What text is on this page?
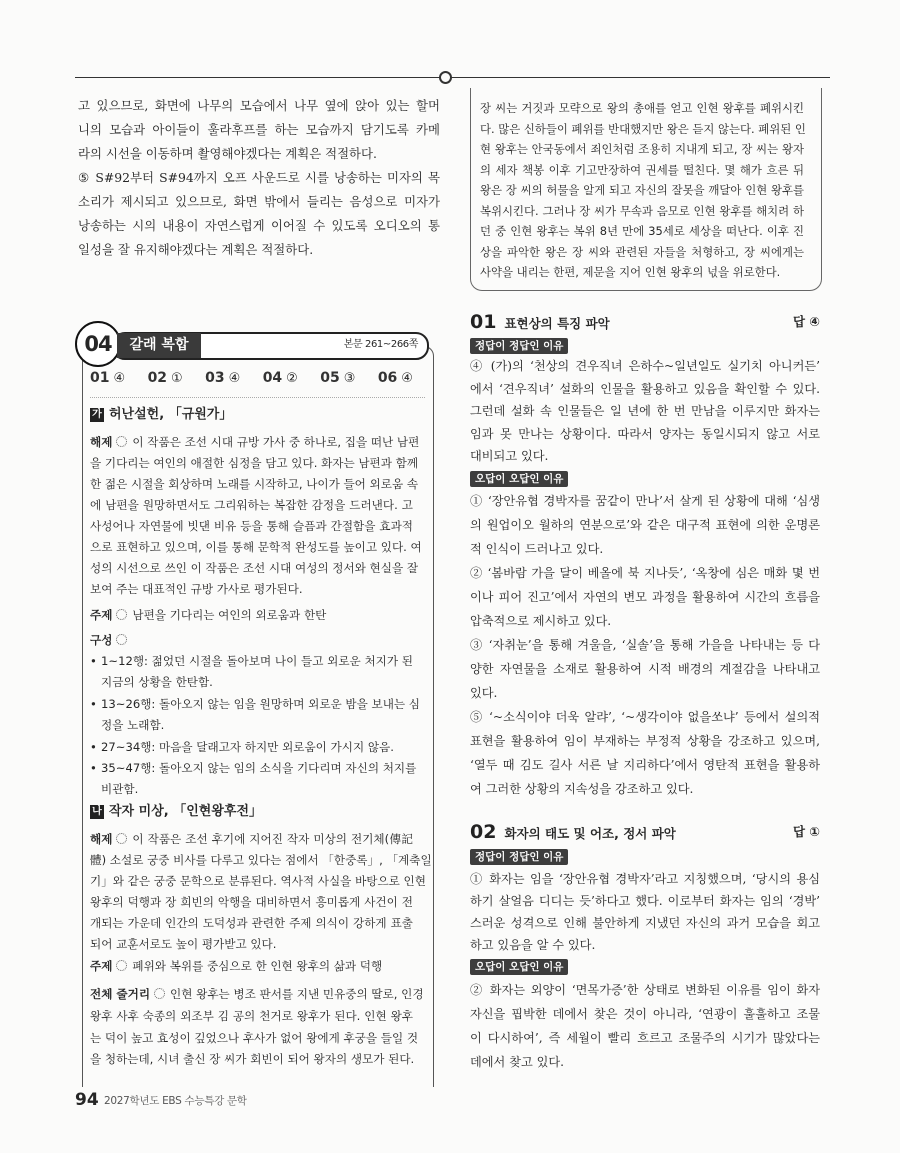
고 있으므로, 화면에 나무의 모습에서 나무 옆에 앉아 있는 할머
니의 모습과 아이들이 훌라후프를 하는 모습까지 담기도록 카메
라의 시선을 이동하며 촬영해야겠다는 계획은 적절하다.
⑤ S#92부터 S#94까지 오프 사운드로 시를 낭송하는 미자의 목
소리가 제시되고 있으므로, 화면 밖에서 들리는 음성으로 미자가
낭송하는 시의 내용이 자연스럽게 이어질 수 있도록 오디오의 통
일성을 잘 유지해야겠다는 계획은 적절하다.
장 씨는 거짓과 모략으로 왕의 총애를 얻고 인현 왕후를 폐위시킨
다. 많은 신하들이 폐위를 반대했지만 왕은 듣지 않는다. 폐위된 인
현 왕후는 안국동에서 죄인처럼 조용히 지내게 되고, 장 씨는 왕자
의 세자 책봉 이후 기고만장하여 권세를 떨친다. 몇 해가 흐른 뒤
왕은 장 씨의 허물을 알게 되고 자신의 잘못을 깨달아 인현 왕후를
복위시킨다. 그러나 장 씨가 무속과 음모로 인현 왕후를 해치려 하
던 중 인현 왕후는 복위 8년 만에 35세로 세상을 떠난다. 이후 진
상을 파악한 왕은 장 씨와 관련된 자들을 처형하고, 장 씨에게는
사약을 내리는 한편, 제문을 지어 인현 왕후의 넋을 위로한다.
04	갈래 복합	본문 261~266쪽
01 ④ 02 ① 03 ④ 04 ② 05 ③ 06 ④
가 허난설헌, 「규원가」
해제 이 작품은 조선 시대 규방 가사 중 하나로, 집을 떠난 남편
을 기다리는 여인의 애절한 심정을 담고 있다. 화자는 남편과 함께
한 젊은 시절을 회상하며 노래를 시작하고, 나이가 들어 외로움 속
에 남편을 원망하면서도 그리워하는 복잡한 감정을 드러낸다. 고
사성어나 자연물에 빗댄 비유 등을 통해 슬픔과 간절함을 효과적
으로 표현하고 있으며, 이를 통해 문학적 완성도를 높이고 있다. 여
성의 시선으로 쓰인 이 작품은 조선 시대 여성의 정서와 현실을 잘
보여 주는 대표적인 규방 가사로 평가된다.
주제 남편을 기다리는 여인의 외로움과 한탄
구성
• 1~12행: 젊었던 시절을 돌아보며 나이 들고 외로운 처지가 된
지금의 상황을 한탄함.
• 13~26행: 돌아오지 않는 임을 원망하며 외로운 밤을 보내는 심
정을 노래함.
• 27~34행: 마음을 달래고자 하지만 외로움이 가시지 않음.
• 35~47행: 돌아오지 않는 임의 소식을 기다리며 자신의 처지를
비관함.
나 작자 미상, 「인현왕후전」
해제 이 작품은 조선 후기에 지어진 작자 미상의 전기체(傳記
體) 소설로 궁중 비사를 다루고 있다는 점에서 「한중록」, 「계축일
기」와 같은 궁중 문학으로 분류된다. 역사적 사실을 바탕으로 인현
왕후의 덕행과 장 희빈의 악행을 대비하면서 흥미롭게 사건이 전
개되는 가운데 인간의 도덕성과 관련한 주제 의식이 강하게 표출
되어 교훈서로도 높이 평가받고 있다.
주제 폐위와 복위를 중심으로 한 인현 왕후의 삶과 덕행
전체 줄거리 인현 왕후는 병조 판서를 지낸 민유중의 딸로, 인경
왕후 사후 숙종의 외조부 김 공의 천거로 왕후가 된다. 인현 왕후
는 덕이 높고 효성이 깊었으나 후사가 없어 왕에게 후궁을 들일 것
을 청하는데, 시녀 출신 장 씨가 회빈이 되어 왕자의 생모가 된다.
01 표현상의 특징 파악	답 ④
정답이 정답인 이유
④ (가)의 ‘천상의 견우직녀 은하수~일년일도 실기치 아니커든’
에서 ‘견우직녀’ 설화의 인물을 활용하고 있음을 확인할 수 있다.
그런데 설화 속 인물들은 일 년에 한 번 만남을 이루지만 화자는
임과 못 만나는 상황이다. 따라서 양자는 동일시되지 않고 서로
대비되고 있다.
오답이 오답인 이유
① ‘장안유협 경박자를 꿈같이 만나’서 살게 된 상황에 대해 ‘심생
의 원업이오 월하의 연분으로’와 같은 대구적 표현에 의한 운명론
적 인식이 드러나고 있다.
② ‘봄바람 가을 달이 베올에 북 지나듯’, ‘옥창에 심은 매화 몇 번
이나 피어 진고’에서 자연의 변모 과정을 활용하여 시간의 흐름을
압축적으로 제시하고 있다.
③ ‘자취눈’을 통해 겨울을, ‘실솔’을 통해 가을을 나타내는 등 다
양한 자연물을 소재로 활용하여 시적 배경의 계절감을 나타내고
있다.
⑤ ‘~소식이야 더욱 알랴’, ‘~생각이야 없을쏘냐’ 등에서 설의적
표현을 활용하여 임이 부재하는 부정적 상황을 강조하고 있으며,
‘열두 때 김도 길사 서른 날 지리하다’에서 영탄적 표현을 활용하
여 그러한 상황의 지속성을 강조하고 있다.
02 화자의 태도 및 어조, 정서 파악	답 ①
정답이 정답인 이유
① 화자는 임을 ‘장안유협 경박자’라고 지칭했으며, ‘당시의 용심
하기 살얼음 디디는 듯’하다고 했다. 이로부터 화자는 임의 ‘경박’
스러운 성격으로 인해 불안하게 지냈던 자신의 과거 모습을 회고
하고 있음을 알 수 있다.
오답이 오답인 이유
② 화자는 외양이 ‘면목가증’한 상태로 변화된 이유를 임이 화자
자신을 핍박한 데에서 찾은 것이 아니라, ‘연광이 훌훌하고 조물
이 다시하여’, 즉 세월이 빨리 흐르고 조물주의 시기가 많았다는
데에서 찾고 있다.
94 2027학년도 EBS 수능특강 문학
